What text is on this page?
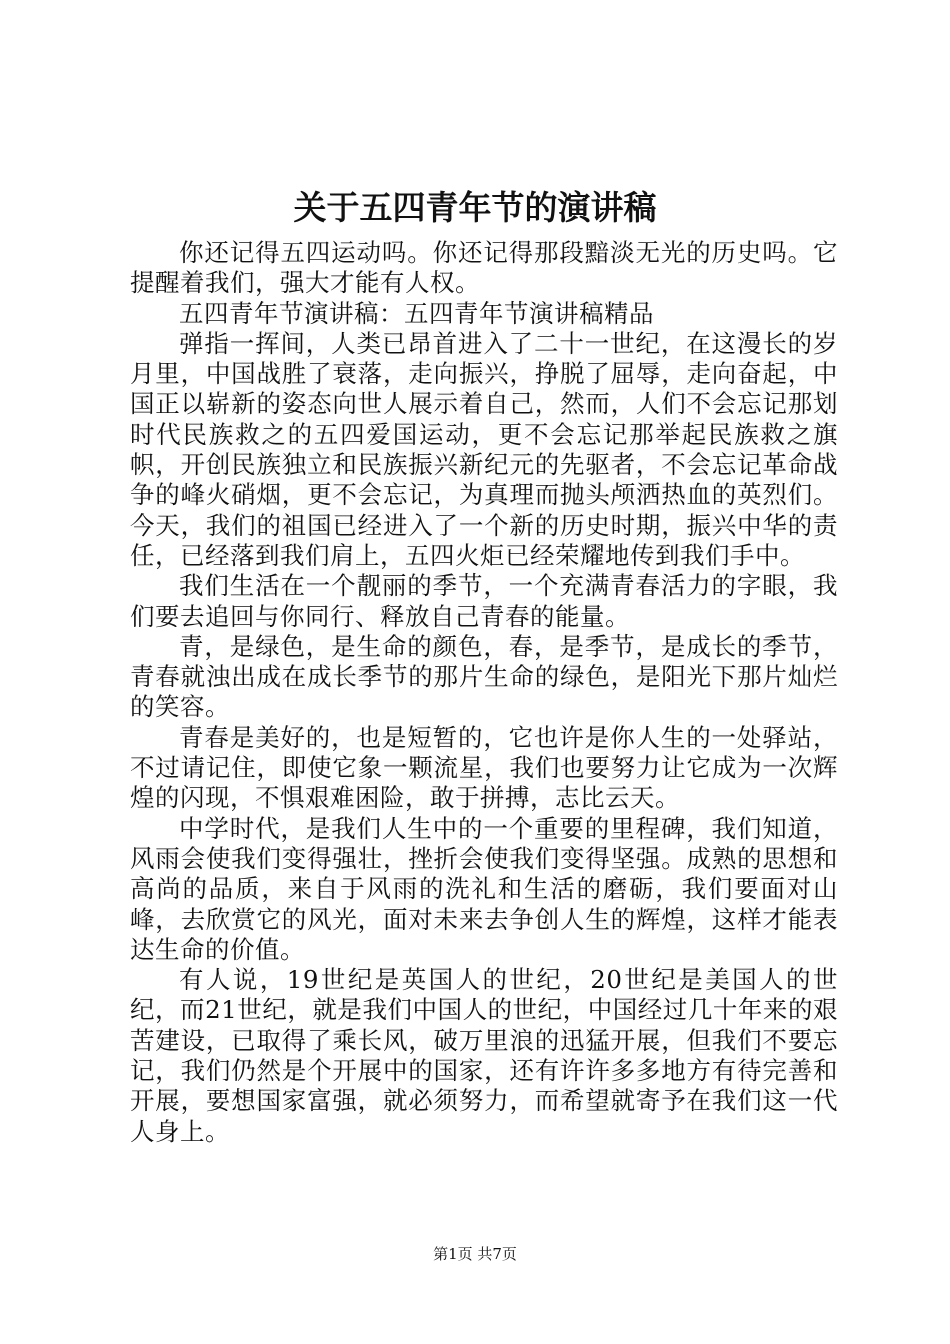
关于五四青年节的演讲稿

你还记得五四运动吗。你还记得那段黯淡无光的历史吗。它提醒着我们，强大才能有人权。

五四青年节演讲稿：五四青年节演讲稿精品

弹指一挥间，人类已昂首进入了二十一世纪，在这漫长的岁月里，中国战胜了衰落，走向振兴，挣脱了屈辱，走向奋起，中国正以崭新的姿态向世人展示着自己，然而，人们不会忘记那划时代民族救之的五四爱国运动，更不会忘记那举起民族救之旗帜，开创民族独立和民族振兴新纪元的先驱者，不会忘记革命战争的峰火硝烟，更不会忘记，为真理而抛头颅洒热血的英烈们。今天，我们的祖国已经进入了一个新的历史时期，振兴中华的责任，已经落到我们肩上，五四火炬已经荣耀地传到我们手中。

我们生活在一个靓丽的季节，一个充满青春活力的字眼，我们要去追回与你同行、释放自己青春的能量。

青，是绿色，是生命的颜色，春，是季节，是成长的季节，青春就浊出成在成长季节的那片生命的绿色，是阳光下那片灿烂的笑容。

青春是美好的，也是短暂的，它也许是你人生的一处驿站，不过请记住，即使它象一颗流星，我们也要努力让它成为一次辉煌的闪现，不惧艰难困险，敢于拼搏，志比云天。

中学时代，是我们人生中的一个重要的里程碑，我们知道，风雨会使我们变得强壮，挫折会使我们变得坚强。成熟的思想和高尚的品质，来自于风雨的洗礼和生活的磨砺，我们要面对山峰，去欣赏它的风光，面对未来去争创人生的辉煌，这样才能表达生命的价值。

有人说，19世纪是英国人的世纪，20世纪是美国人的世纪，而21世纪，就是我们中国人的世纪，中国经过几十年来的艰苦建设，已取得了乘长风，破万里浪的迅猛开展，但我们不要忘记，我们仍然是个开展中的国家，还有许许多多地方有待完善和开展，要想国家富强，就必须努力，而希望就寄予在我们这一代人身上。

第1页 共7页
